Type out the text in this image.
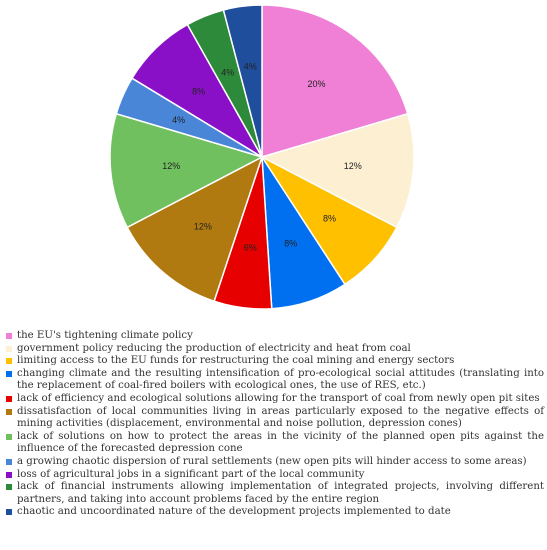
20%
12%
8%
8%
6%
12%
12%
4%
8%
4%
4%
the EU's tightening climate policy
government policy reducing the production of electricity and heat from coal
limiting access to the EU funds for restructuring the coal mining and energy sectors
changing climate and the resulting intensification of pro-ecological social attitudes (translating into the replacement of coal-fired boilers with ecological ones, the use of RES, etc.)
lack of efficiency and ecological solutions allowing for the transport of coal from newly open pit sites
dissatisfaction of local communities living in areas particularly exposed to the negative effects of mining activities (displacement, environmental and noise pollution, depression cones)
lack of solutions on how to protect the areas in the vicinity of the planned open pits against the influence of the forecasted depression cone
a growing chaotic dispersion of rural settlements (new open pits will hinder access to some areas)
loss of agricultural jobs in a significant part of the local community
lack of financial instruments allowing implementation of integrated projects, involving different partners, and taking into account problems faced by the entire region
chaotic and uncoordinated nature of the development projects implemented to date
